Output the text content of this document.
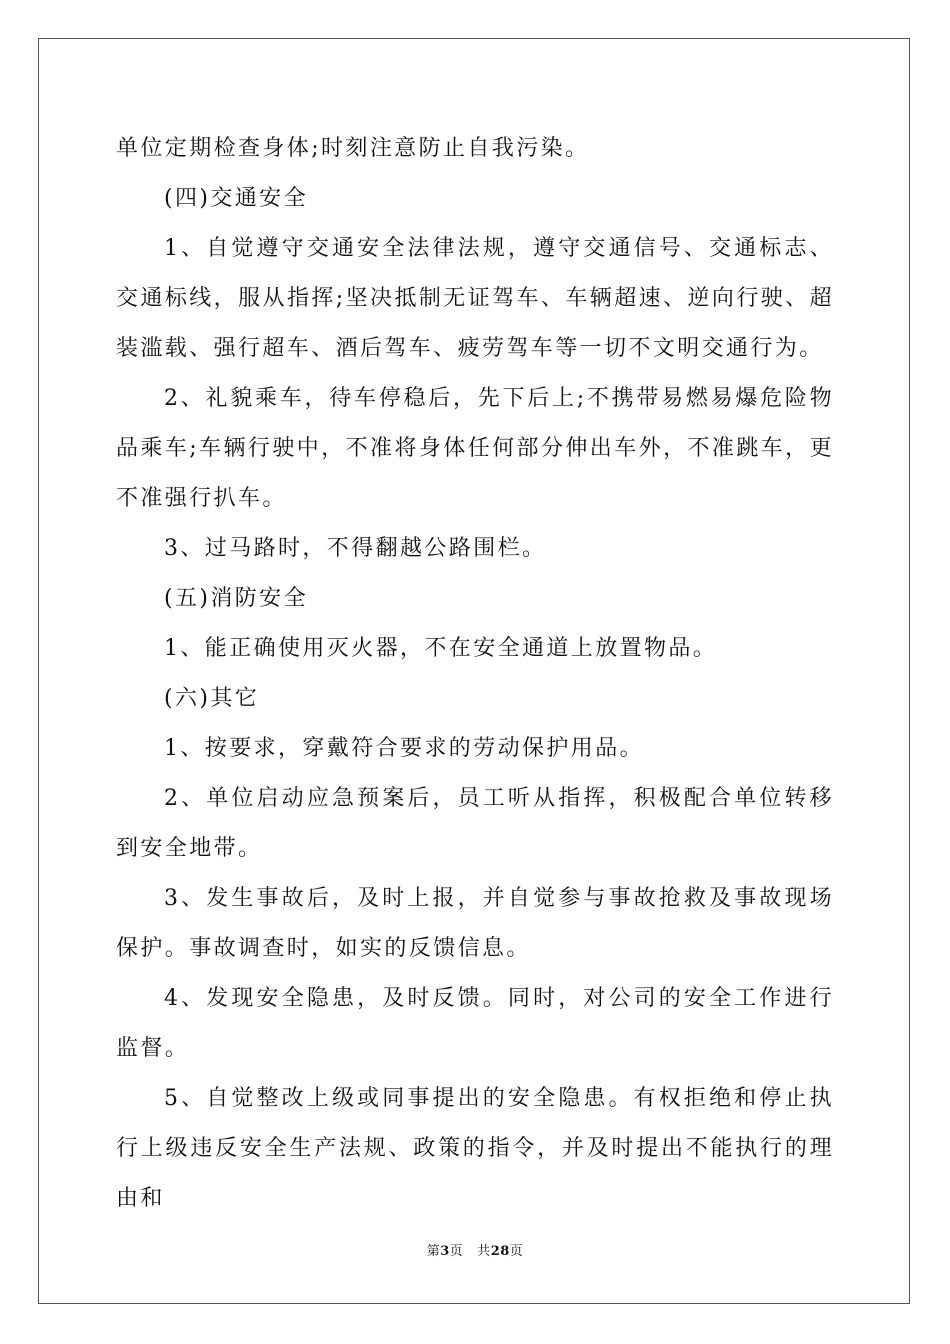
单位定期检查身体;时刻注意防止自我污染。

(四)交通安全

1、自觉遵守交通安全法律法规，遵守交通信号、交通标志、交通标线，服从指挥;坚决抵制无证驾车、车辆超速、逆向行驶、超装滥载、强行超车、酒后驾车、疲劳驾车等一切不文明交通行为。

2、礼貌乘车，待车停稳后，先下后上;不携带易燃易爆危险物品乘车;车辆行驶中，不准将身体任何部分伸出车外，不准跳车，更不准强行扒车。

3、过马路时，不得翻越公路围栏。

(五)消防安全

1、能正确使用灭火器，不在安全通道上放置物品。

(六)其它

1、按要求，穿戴符合要求的劳动保护用品。

2、单位启动应急预案后，员工听从指挥，积极配合单位转移到安全地带。

3、发生事故后，及时上报，并自觉参与事故抢救及事故现场保护。事故调查时，如实的反馈信息。

4、发现安全隐患，及时反馈。同时，对公司的安全工作进行监督。

5、自觉整改上级或同事提出的安全隐患。有权拒绝和停止执行上级违反安全生产法规、政策的指令，并及时提出不能执行的理由和

第3页 共28页
